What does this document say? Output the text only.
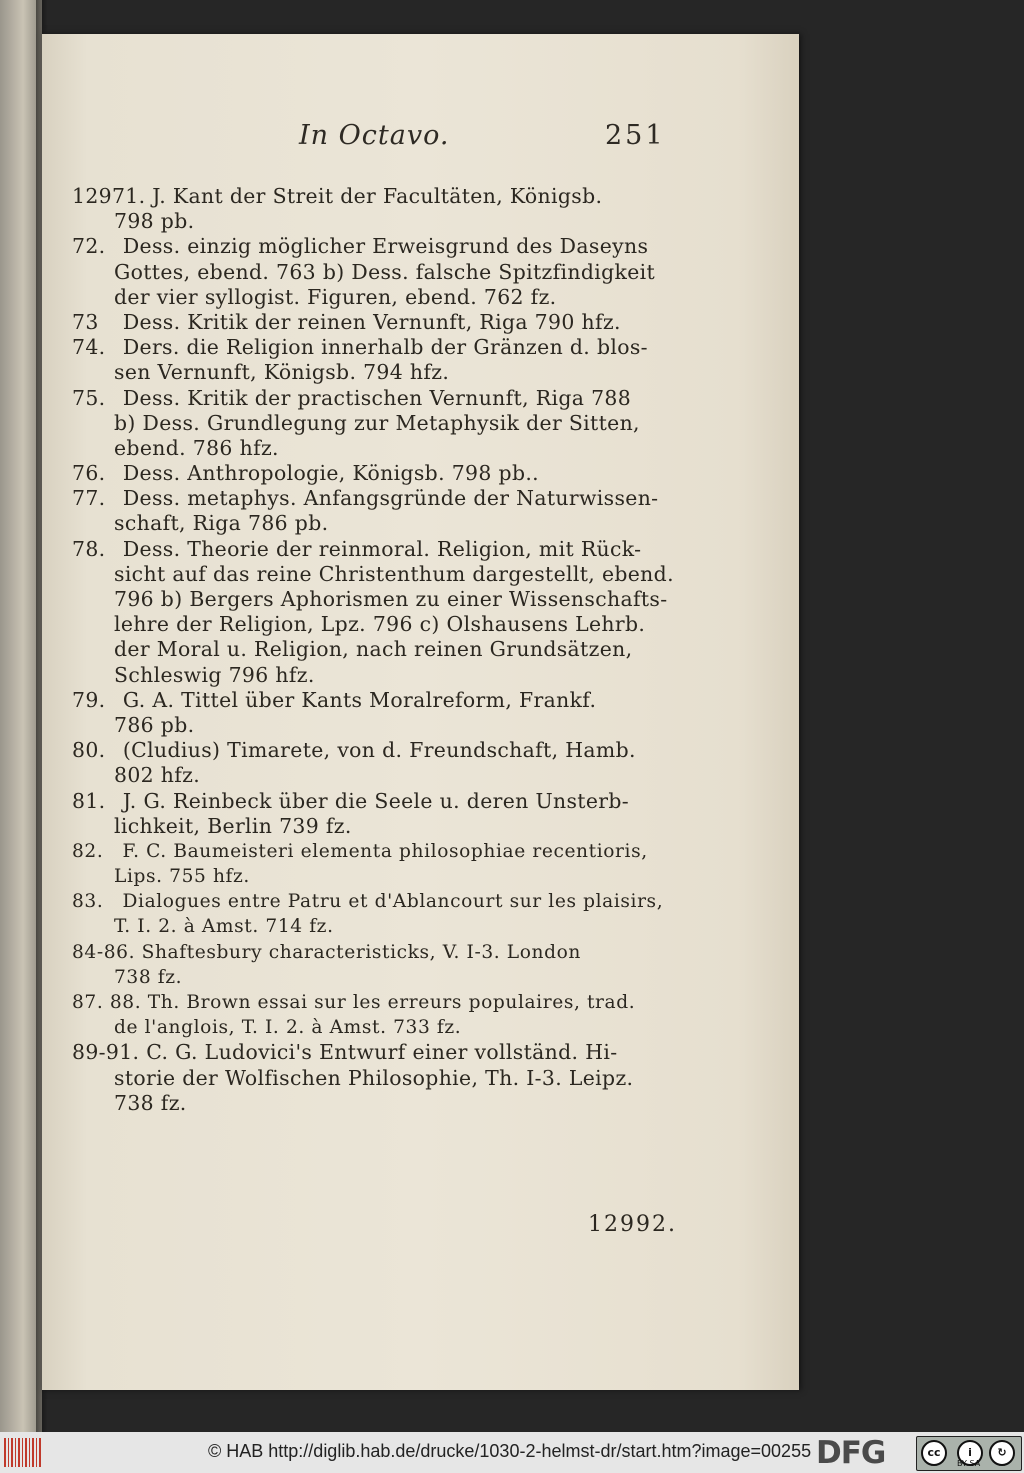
In Octavo.	251
12971. J. Kant der Streit der Facultäten, Königsb.
798 pb.
72. Dess. einzig möglicher Erweisgrund des Daseyns
Gottes, ebend. 763 b) Dess. falsche Spitzfindigkeit
der vier syllogist. Figuren, ebend. 762 fz.
73 Dess. Kritik der reinen Vernunft, Riga 790 hfz.
74. Ders. die Religion innerhalb der Gränzen d. blos-
sen Vernunft, Königsb. 794 hfz.
75. Dess. Kritik der practischen Vernunft, Riga 788
b) Dess. Grundlegung zur Metaphysik der Sitten,
ebend. 786 hfz.
76. Dess. Anthropologie, Königsb. 798 pb..
77. Dess. metaphys. Anfangsgründe der Naturwissen-
schaft, Riga 786 pb.
78. Dess. Theorie der reinmoral. Religion, mit Rück-
sicht auf das reine Christenthum dargestellt, ebend.
796 b) Bergers Aphorismen zu einer Wissenschafts-
lehre der Religion, Lpz. 796 c) Olshausens Lehrb.
der Moral u. Religion, nach reinen Grundsätzen,
Schleswig 796 hfz.
79. G. A. Tittel über Kants Moralreform, Frankf.
786 pb.
80. (Cludius) Timarete, von d. Freundschaft, Hamb.
802 hfz.
81. J. G. Reinbeck über die Seele u. deren Unsterb-
lichkeit, Berlin 739 fz.
82. F. C. Baumeisteri elementa philosophiae recentioris,
Lips. 755 hfz.
83. Dialogues entre Patru et d'Ablancourt sur les plaisirs,
T. I. 2. à Amst. 714 fz.
84-86. Shaftesbury characteristicks, V. I-3. London
738 fz.
87. 88. Th. Brown essai sur les erreurs populaires, trad.
de l'anglois, T. I. 2. à Amst. 733 fz.
89-91. C. G. Ludovici's Entwurf einer vollständ. Hi-
storie der Wolfischen Philosophie, Th. I-3. Leipz.
738 fz.
12992.
© HAB http://diglib.hab.de/drucke/1030-2-helmst-dr/start.htm?image=00255 DFG	cc	i	↻
BY SA
